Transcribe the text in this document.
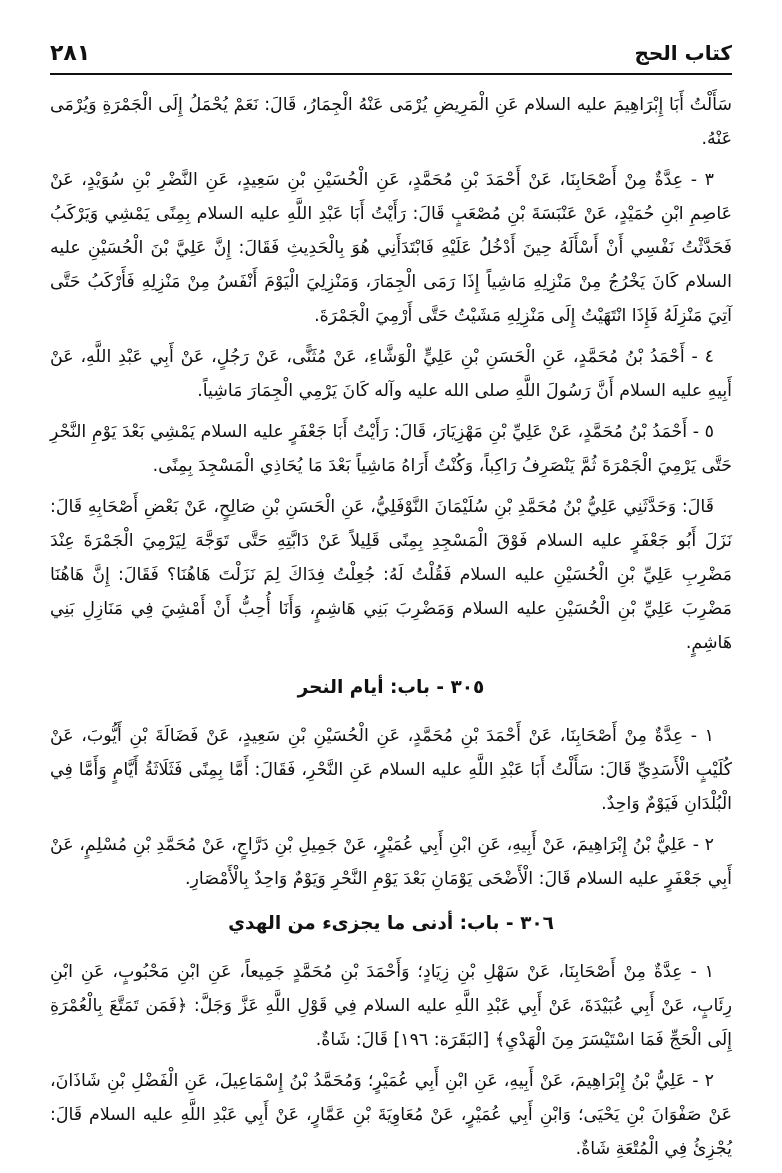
٢٨١	كتاب الحج

سَأَلْتُ أَبَا إِبْرَاهِيمَ عليه السلام عَنِ الْمَرِيضِ يُرْمَى عَنْهُ الْجِمَارُ، قَالَ: نَعَمْ يُحْمَلُ إِلَى الْجَمْرَةِ وَيُرْمَى عَنْهُ.

٣ - عِدَّةٌ مِنْ أَصْحَابِنَا، عَنْ أَحْمَدَ بْنِ مُحَمَّدٍ، عَنِ الْحُسَيْنِ بْنِ سَعِيدٍ، عَنِ النَّضْرِ بْنِ سُوَيْدٍ، عَنْ عَاصِمِ ابْنِ حُمَيْدٍ، عَنْ عَنْبَسَةَ بْنِ مُصْعَبٍ قَالَ: رَأَيْتُ أَبَا عَبْدِ اللَّهِ عليه السلام بِمِنًى يَمْشِي وَيَرْكَبُ فَحَدَّثْتُ نَفْسِي أَنْ أَسْأَلَهُ حِينَ أَدْخُلُ عَلَيْهِ فَابْتَدَأَنِي هُوَ بِالْحَدِيثِ فَقَالَ: إِنَّ عَلِيَّ بْنَ الْحُسَيْنِ عليه السلام كَانَ يَخْرُجُ مِنْ مَنْزِلِهِ مَاشِياً إِذَا رَمَى الْجِمَارَ، وَمَنْزِلِيَ الْيَوْمَ أَنْفَسُ مِنْ مَنْزِلِهِ فَأَرْكَبُ حَتَّى آتِيَ مَنْزِلَهُ فَإِذَا انْتَهَيْتُ إِلَى مَنْزِلِهِ مَشَيْتُ حَتَّى أَرْمِيَ الْجَمْرَةَ.

٤ - أَحْمَدُ بْنُ مُحَمَّدٍ، عَنِ الْحَسَنِ بْنِ عَلِيٍّ الْوَشَّاءِ، عَنْ مُثَنًّى، عَنْ رَجُلٍ، عَنْ أَبِي عَبْدِ اللَّهِ، عَنْ أَبِيهِ عليه السلام أَنَّ رَسُولَ اللَّهِ صلى الله عليه وآله كَانَ يَرْمِي الْجِمَارَ مَاشِياً.

٥ - أَحْمَدُ بْنُ مُحَمَّدٍ، عَنْ عَلِيِّ بْنِ مَهْزِيَارَ، قَالَ: رَأَيْتُ أَبَا جَعْفَرٍ عليه السلام يَمْشِي بَعْدَ يَوْمِ النَّحْرِ حَتَّى يَرْمِيَ الْجَمْرَةَ ثُمَّ يَنْصَرِفُ رَاكِباً، وَكُنْتُ أَرَاهُ مَاشِياً بَعْدَ مَا يُحَاذِي الْمَسْجِدَ بِمِنًى.

قَالَ: وَحَدَّثَنِي عَلِيُّ بْنُ مُحَمَّدِ بْنِ سُلَيْمَانَ النَّوْفَلِيُّ، عَنِ الْحَسَنِ بْنِ صَالِحٍ، عَنْ بَعْضِ أَصْحَابِهِ قَالَ: نَزَلَ أَبُو جَعْفَرٍ عليه السلام فَوْقَ الْمَسْجِدِ بِمِنًى قَلِيلاً عَنْ دَابَّتِهِ حَتَّى تَوَجَّهَ لِيَرْمِيَ الْجَمْرَةَ عِنْدَ مَضْرِبِ عَلِيِّ بْنِ الْحُسَيْنِ عليه السلام فَقُلْتُ لَهُ: جُعِلْتُ فِدَاكَ لِمَ نَزَلْتَ هَاهُنَا؟ فَقَالَ: إِنَّ هَاهُنَا مَضْرِبَ عَلِيِّ بْنِ الْحُسَيْنِ عليه السلام وَمَضْرِبَ بَنِي هَاشِمٍ، وَأَنَا أُحِبُّ أَنْ أَمْشِيَ فِي مَنَازِلِ بَنِي هَاشِمٍ.

٣٠٥ - باب: أيام النحر

١ - عِدَّةٌ مِنْ أَصْحَابِنَا، عَنْ أَحْمَدَ بْنِ مُحَمَّدٍ، عَنِ الْحُسَيْنِ بْنِ سَعِيدٍ، عَنْ فَضَالَةَ بْنِ أَيُّوبَ، عَنْ كُلَيْبٍ الْأَسَدِيِّ قَالَ: سَأَلْتُ أَبَا عَبْدِ اللَّهِ عليه السلام عَنِ النَّحْرِ، فَقَالَ: أَمَّا بِمِنًى فَثَلَاثَةُ أَيَّامٍ وَأَمَّا فِي الْبُلْدَانِ فَيَوْمٌ وَاحِدٌ.

٢ - عَلِيُّ بْنُ إِبْرَاهِيمَ، عَنْ أَبِيهِ، عَنِ ابْنِ أَبِي عُمَيْرٍ، عَنْ جَمِيلِ بْنِ دَرَّاجٍ، عَنْ مُحَمَّدِ بْنِ مُسْلِمٍ، عَنْ أَبِي جَعْفَرٍ عليه السلام قَالَ: الْأَضْحَى يَوْمَانِ بَعْدَ يَوْمِ النَّحْرِ وَيَوْمٌ وَاحِدٌ بِالْأَمْصَارِ.

٣٠٦ - باب: أدنى ما يجزىء من الهدي

١ - عِدَّةٌ مِنْ أَصْحَابِنَا، عَنْ سَهْلِ بْنِ زِيَادٍ؛ وَأَحْمَدَ بْنِ مُحَمَّدٍ جَمِيعاً، عَنِ ابْنِ مَحْبُوبٍ، عَنِ ابْنِ رِئَابٍ، عَنْ أَبِي عُبَيْدَةَ، عَنْ أَبِي عَبْدِ اللَّهِ عليه السلام فِي قَوْلِ اللَّهِ عَزَّ وَجَلَّ: ﴿فَمَن تَمَتَّعَ بِالْعُمْرَةِ إِلَى الْحَجِّ فَمَا اسْتَيْسَرَ مِنَ الْهَدْيِ﴾ [البَقَرَة: ١٩٦] قَالَ: شَاةٌ.

٢ - عَلِيُّ بْنُ إِبْرَاهِيمَ، عَنْ أَبِيهِ، عَنِ ابْنِ أَبِي عُمَيْرٍ؛ وَمُحَمَّدُ بْنُ إِسْمَاعِيلَ، عَنِ الْفَضْلِ بْنِ شَاذَانَ، عَنْ صَفْوَانَ بْنِ يَحْيَى؛ وَابْنِ أَبِي عُمَيْرٍ، عَنْ مُعَاوِيَةَ بْنِ عَمَّارٍ، عَنْ أَبِي عَبْدِ اللَّهِ عليه السلام قَالَ: يُجْزِئُ فِي الْمُتْعَةِ شَاةٌ.
